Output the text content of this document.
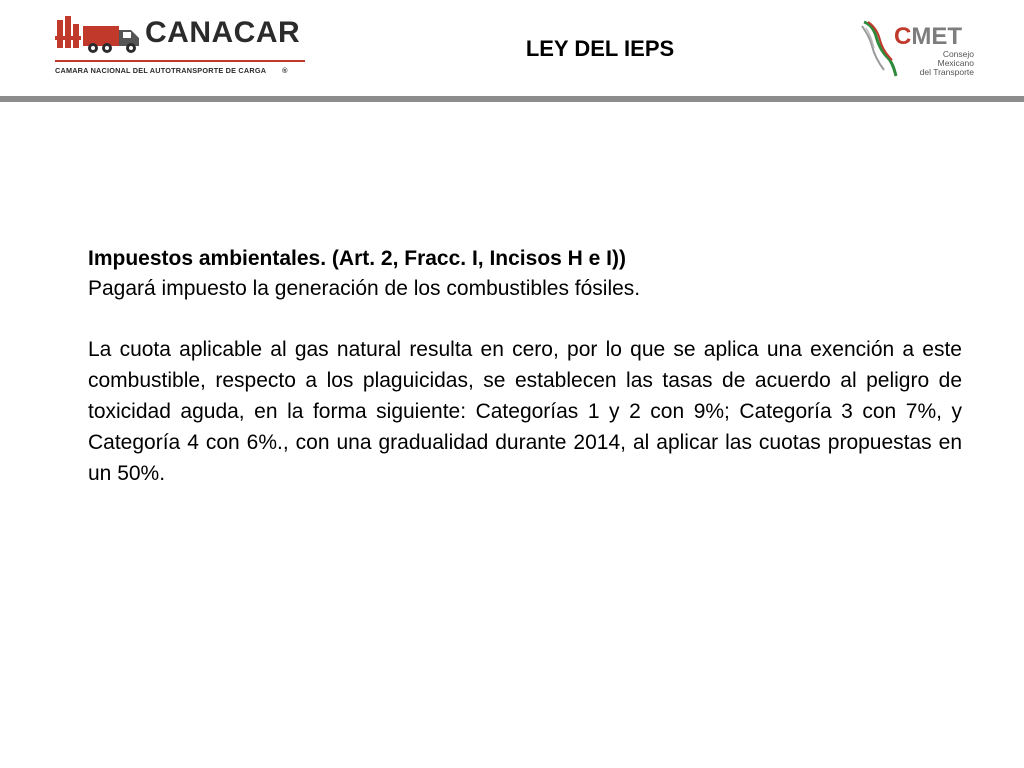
CANACAR
CAMARA NACIONAL DEL AUTOTRANSPORTE DE CARGA ®
LEY DEL IEPS	CMET
Consejo
Mexicano
del Transporte

Impuestos ambientales. (Art. 2, Fracc. I, Incisos H e I))

Pagará impuesto la generación de los combustibles fósiles.

La cuota aplicable al gas natural resulta en cero, por lo que se aplica una exención a este combustible, respecto a los plaguicidas, se establecen las tasas de acuerdo al peligro de toxicidad aguda, en la forma siguiente: Categorías 1 y 2 con 9%; Categoría 3 con 7%, y Categoría 4 con 6%., con una gradualidad durante 2014, al aplicar las cuotas propuestas en un 50%.
